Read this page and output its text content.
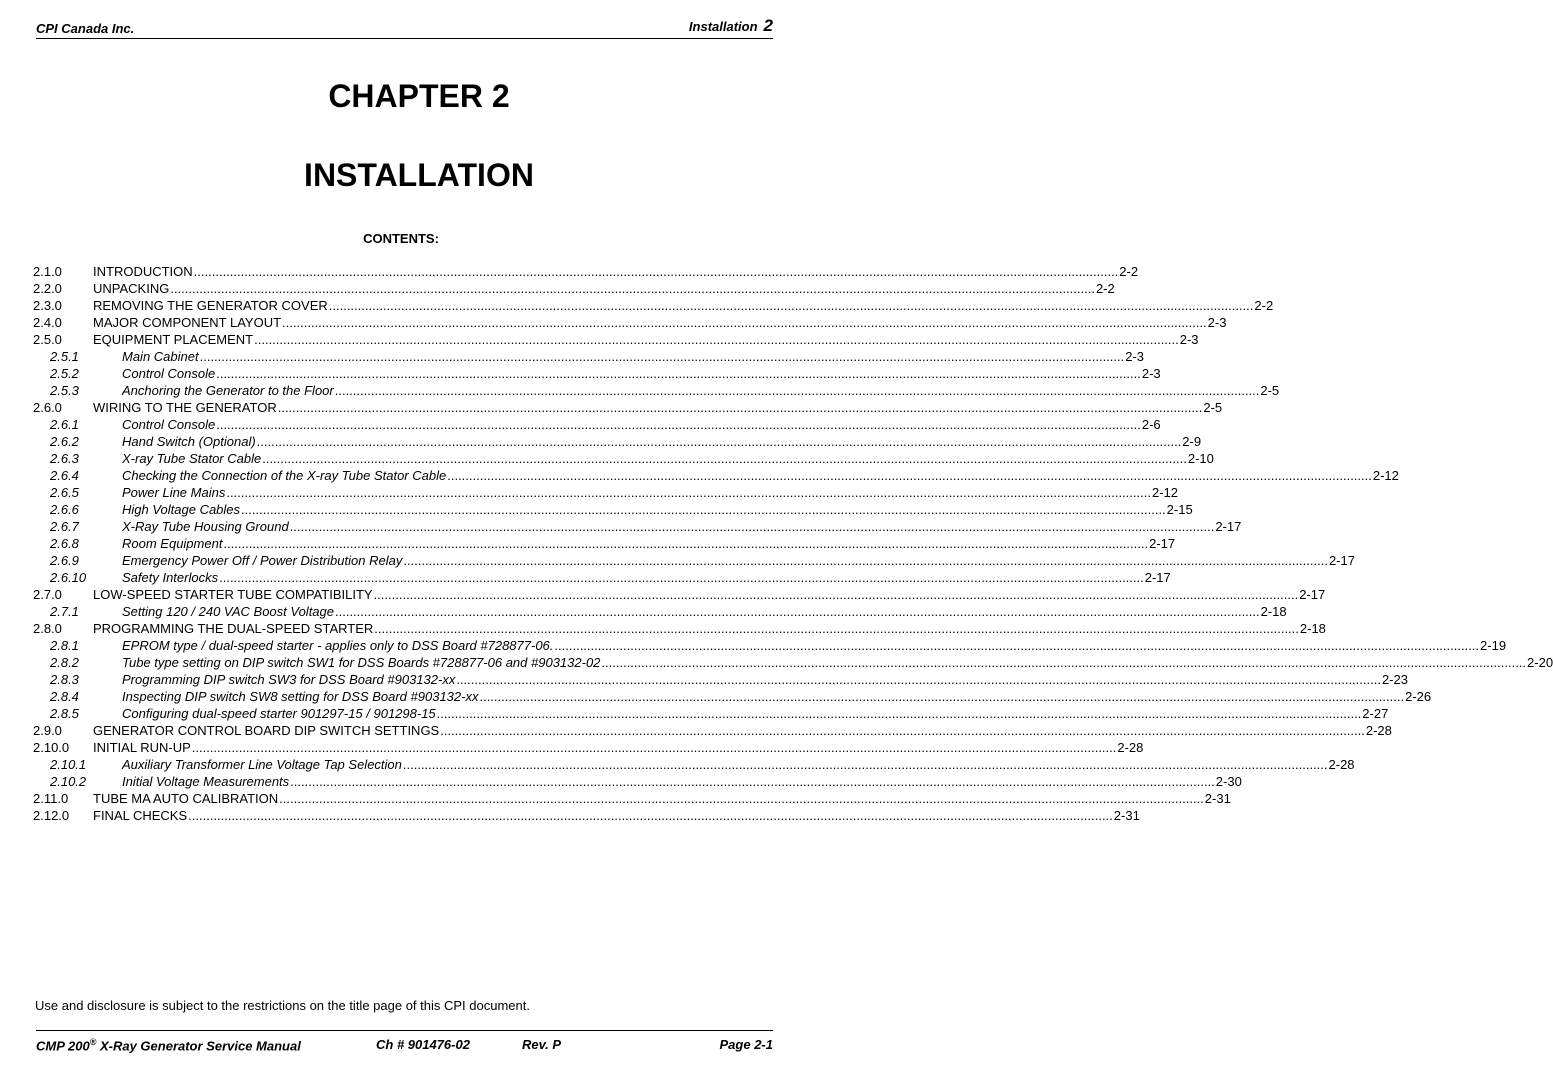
CPI Canada Inc.	Installation 2
CHAPTER 2
INSTALLATION
CONTENTS:
2.1.0	INTRODUCTION .....	2-2
2.2.0	UNPACKING .....	2-2
2.3.0	REMOVING THE GENERATOR COVER .....	2-2
2.4.0	MAJOR COMPONENT LAYOUT .....	2-3
2.5.0	EQUIPMENT PLACEMENT .....	2-3
2.5.1	Main Cabinet .....	2-3
2.5.2	Control Console .....	2-3
2.5.3	Anchoring the Generator to the Floor .....	2-5
2.6.0	WIRING TO THE GENERATOR .....	2-5
2.6.1	Control Console .....	2-6
2.6.2	Hand Switch (Optional) .....	2-9
2.6.3	X-ray Tube Stator Cable .....	2-10
2.6.4	Checking the Connection of the X-ray Tube Stator Cable .....	2-12
2.6.5	Power Line Mains .....	2-12
2.6.6	High Voltage Cables .....	2-15
2.6.7	X-Ray Tube Housing Ground .....	2-17
2.6.8	Room Equipment .....	2-17
2.6.9	Emergency Power Off / Power Distribution Relay .....	2-17
2.6.10	Safety Interlocks .....	2-17
2.7.0	LOW-SPEED STARTER TUBE COMPATIBILITY .....	2-17
2.7.1	Setting 120 / 240 VAC Boost Voltage .....	2-18
2.8.0	PROGRAMMING THE DUAL-SPEED STARTER .....	2-18
2.8.1	EPROM type / dual-speed starter - applies only to DSS Board #728877-06. .....	2-19
2.8.2	Tube type setting on DIP switch SW1 for DSS Boards #728877-06 and #903132-02 .....	2-20
2.8.3	Programming DIP switch SW3 for DSS Board #903132-xx .....	2-23
2.8.4	Inspecting DIP switch SW8 setting for DSS Board #903132-xx .....	2-26
2.8.5	Configuring dual-speed starter 901297-15 / 901298-15 .....	2-27
2.9.0	GENERATOR CONTROL BOARD DIP SWITCH SETTINGS .....	2-28
2.10.0	INITIAL RUN-UP .....	2-28
2.10.1	Auxiliary Transformer Line Voltage Tap Selection .....	2-28
2.10.2	Initial Voltage Measurements .....	2-30
2.11.0	TUBE MA AUTO CALIBRATION .....	2-31
2.12.0	FINAL CHECKS .....	2-31
Use and disclosure is subject to the restrictions on the title page of this CPI document.
CMP 200® X-Ray Generator Service Manual	Ch # 901476-02	Rev. P	Page 2-1
